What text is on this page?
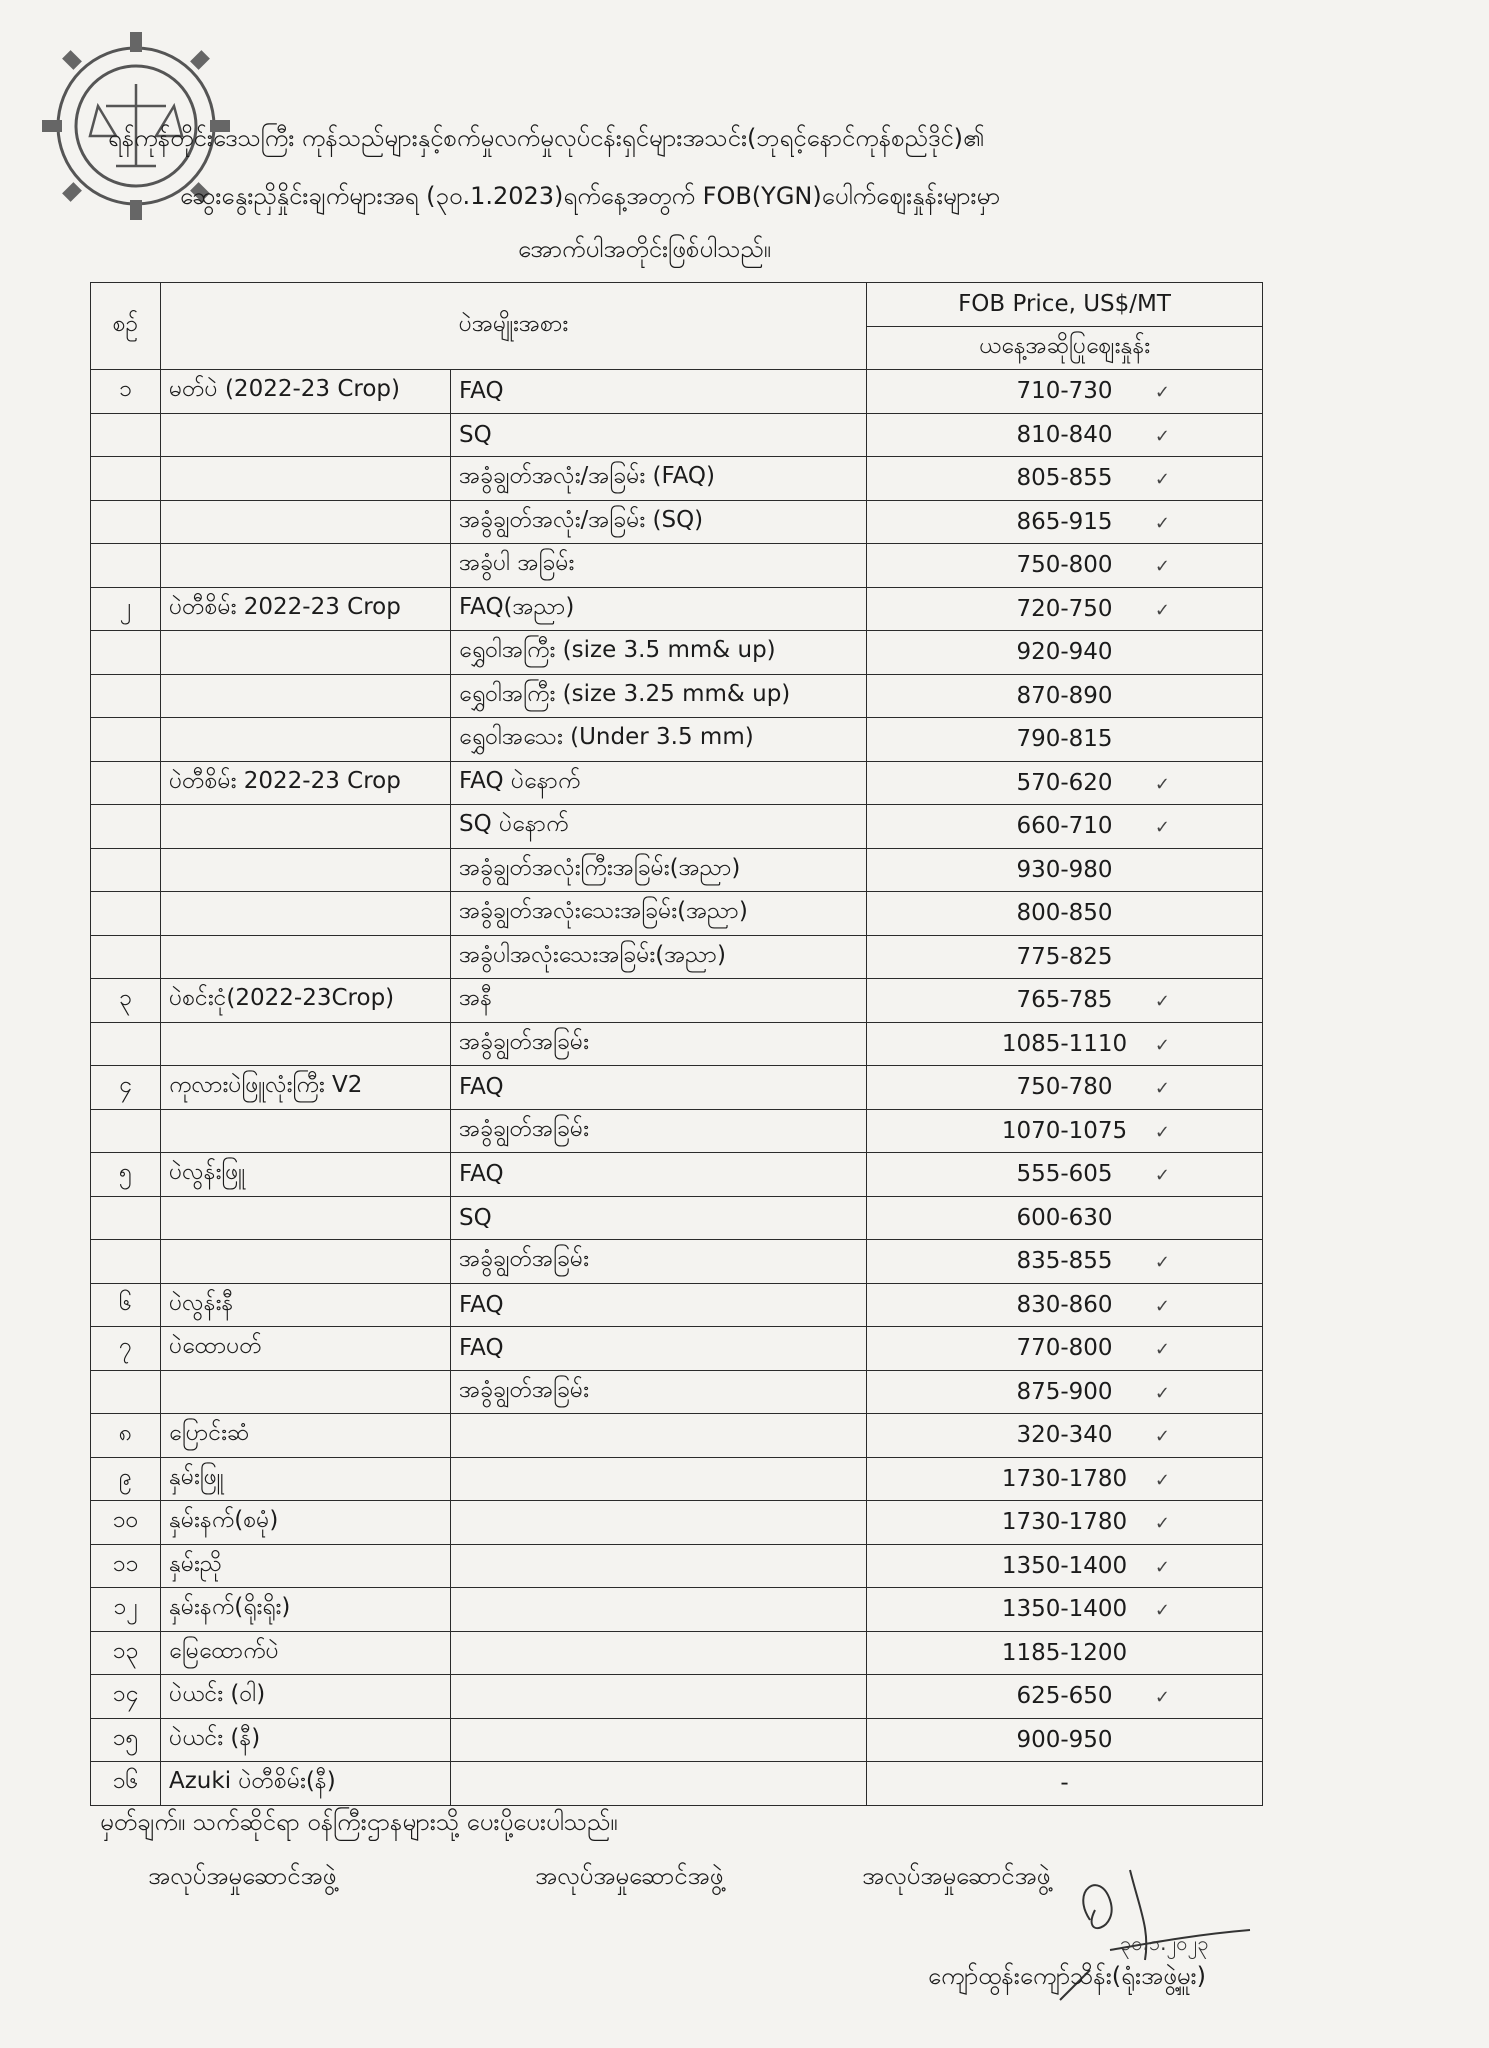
ရန်ကုန်တိုင်းဒေသကြီး ကုန်သည်များနှင့်စက်မှုလက်မှုလုပ်ငန်းရှင်များအသင်း(ဘုရင့်နောင်ကုန်စည်ဒိုင်)၏
ဆွေးနွေးညှိနှိုင်းချက်များအရ (၃၀.1.2023)ရက်နေ့အတွက် FOB(YGN)ပေါက်ဈေးနှုန်းများမှာ
အောက်ပါအတိုင်းဖြစ်ပါသည်။
စဉ်	ပဲအမျိုးအစား		FOB Price, US$/MT
			ယနေ့အဆိုပြုဈေးနှုန်း
၁	မတ်ပဲ (2022-23 Crop)	FAQ	710-730 ✓

		SQ	810-840 ✓

		အခွံချွတ်အလုံး/အခြမ်း (FAQ)	805-855 ✓

		အခွံချွတ်အလုံး/အခြမ်း (SQ)	865-915 ✓

		အခွံပါ အခြမ်း	750-800 ✓

၂	ပဲတီစိမ်း 2022-23 Crop	FAQ(အညာ)	720-750 ✓

		ရွှေဝါအကြီး (size 3.5 mm& up)	920-940
		ရွှေဝါအကြီး (size 3.25 mm& up)	870-890
		ရွှေဝါအသေး (Under 3.5 mm)	790-815
	ပဲတီစိမ်း 2022-23 Crop	FAQ ပဲနောက်	570-620 ✓

		SQ ပဲနောက်	660-710 ✓

		အခွံချွတ်အလုံးကြီးအခြမ်း(အညာ)	930-980
		အခွံချွတ်အလုံးသေးအခြမ်း(အညာ)	800-850
		အခွံပါအလုံးသေးအခြမ်း(အညာ)	775-825
၃	ပဲစင်းငုံ(2022-23Crop)	အနီ	765-785 ✓

		အခွံချွတ်အခြမ်း	1085-1110 ✓

၄	ကုလားပဲဖြူလုံးကြီး V2	FAQ	750-780 ✓

		အခွံချွတ်အခြမ်း	1070-1075 ✓

၅	ပဲလွန်းဖြူ	FAQ	555-605 ✓

		SQ	600-630
		အခွံချွတ်အခြမ်း	835-855 ✓

၆	ပဲလွန်းနီ	FAQ	830-860 ✓

၇	ပဲထောပတ်	FAQ	770-800 ✓

		အခွံချွတ်အခြမ်း	875-900 ✓

၈	ပြောင်းဆံ		320-340 ✓

၉	နှမ်းဖြူ		1730-1780 ✓

၁၀	နှမ်းနက်(စမုံ)		1730-1780 ✓

၁၁	နှမ်းညို		1350-1400 ✓

၁၂	နှမ်းနက်(ရိုးရိုး)		1350-1400 ✓

၁၃	မြေထောက်ပဲ		1185-1200
၁၄	ပဲယင်း (ဝါ)		625-650 ✓

၁၅	ပဲယင်း (နီ)		900-950
၁၆	Azuki ပဲတီစိမ်း(နီ)		-
မှတ်ချက်။ သက်ဆိုင်ရာ ဝန်ကြီးဌာနများသို့ ပေးပို့ပေးပါသည်။
အလုပ်အမှုဆောင်အဖွဲ့	အလုပ်အမှုဆောင်အဖွဲ့	အလုပ်အမှုဆောင်အဖွဲ့
၃၀.၁.၂၀၂၃
ကျော်ထွန်းကျော်သိန်း(ရုံးအဖွဲ့မှူး)
